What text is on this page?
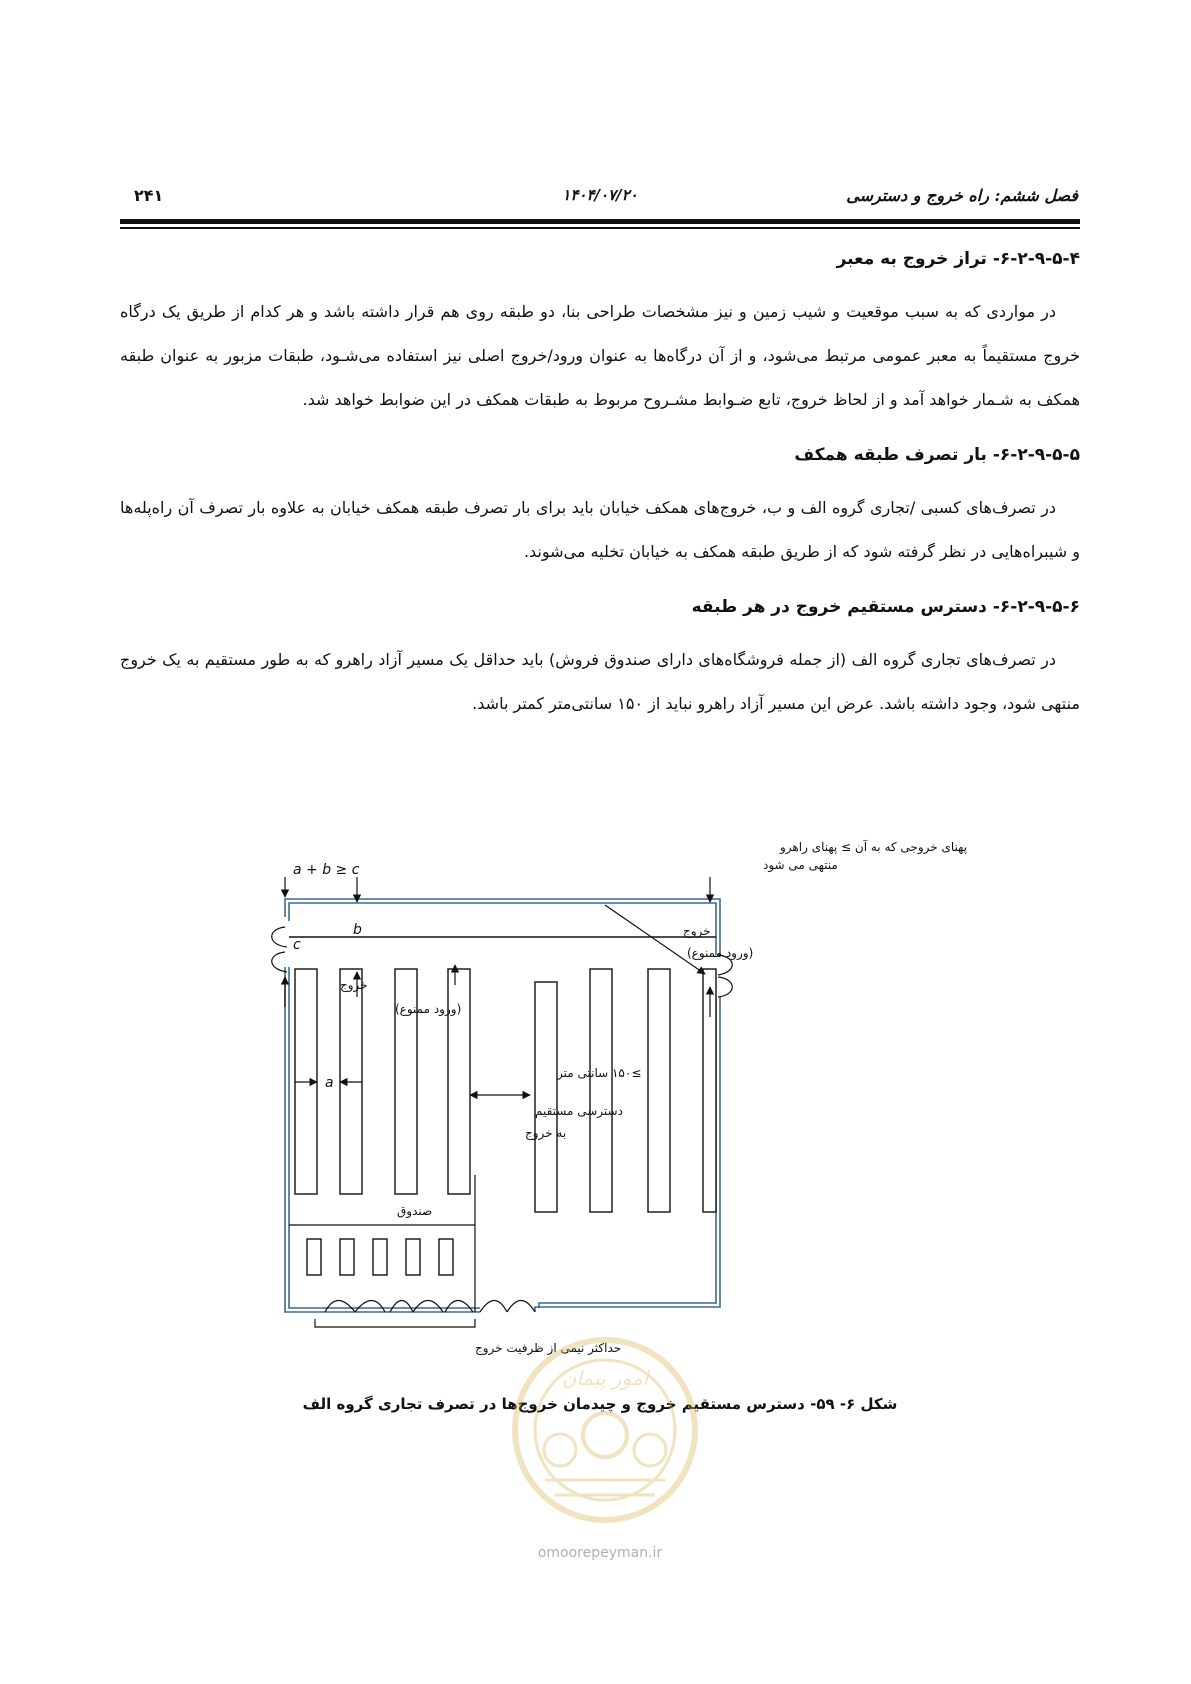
فصل ششم: راه خروج و دسترسی
۱۴۰۴/۰۷/۲۰
۲۴۱
۶-۲-۹-۵-۴- تراز خروج به معبر

در مواردی که به سبب موقعیت و شیب زمین و نیز مشخصات طراحی بنا، دو طبقه روی هم قرار داشته باشد و هر کدام از طریق یک درگاه خروج مستقیماً به معبر عمومی مرتبط می‌شود، و از آن درگاه‌ها به عنوان ورود/خروج اصلی نیز استفاده می‌شـود، طبقات مزبور به عنوان طبقه همکف به شـمار خواهد آمد و از لحاظ خروج، تابع ضـوابط مشـروح مربوط به طبقات همکف در این ضوابط خواهد شد.

۶-۲-۹-۵-۵- بار تصرف طبقه همکف

در تصرف‌های کسبی /تجاری گروه الف و ب، خروج‌های همکف خیابان باید برای بار تصرف طبقه همکف خیابان به علاوه بار تصرف آن راه‌پله‌ها و شیبراه‌هایی در نظر گرفته شود که از طریق طبقه همکف به خیابان تخلیه می‌شوند.

۶-۲-۹-۵-۶- دسترس مستقیم خروج در هر طبقه

در تصرف‌های تجاری گروه الف (از جمله فروشگاه‌های دارای صندوق فروش) باید حداقل یک مسیر آزاد راهرو که به طور مستقیم به یک خروج منتهی شود، وجود داشته باشد. عرض این مسیر آزاد راهرو نباید از ۱۵۰ سانتی‌متر کمتر باشد.

a + b ≥ c
c
b
a
خروج
(ورود ممنوع)
خروج
(ورود ممنوع)
پهنای خروجی که به آن ≥ پهنای راهرو
منتهی می شود
≥۱۵۰ سانتی متر
دسترسی مستقیم
به خروج
صندوق
حداکثر نیمی از ظرفیت خروج
شکل ۶- ۵۹- دسترس مستقیم خروج و چیدمان خروج‌ها در تصرف تجاری گروه الف
امور پیمان
omoorepeyman.ir
